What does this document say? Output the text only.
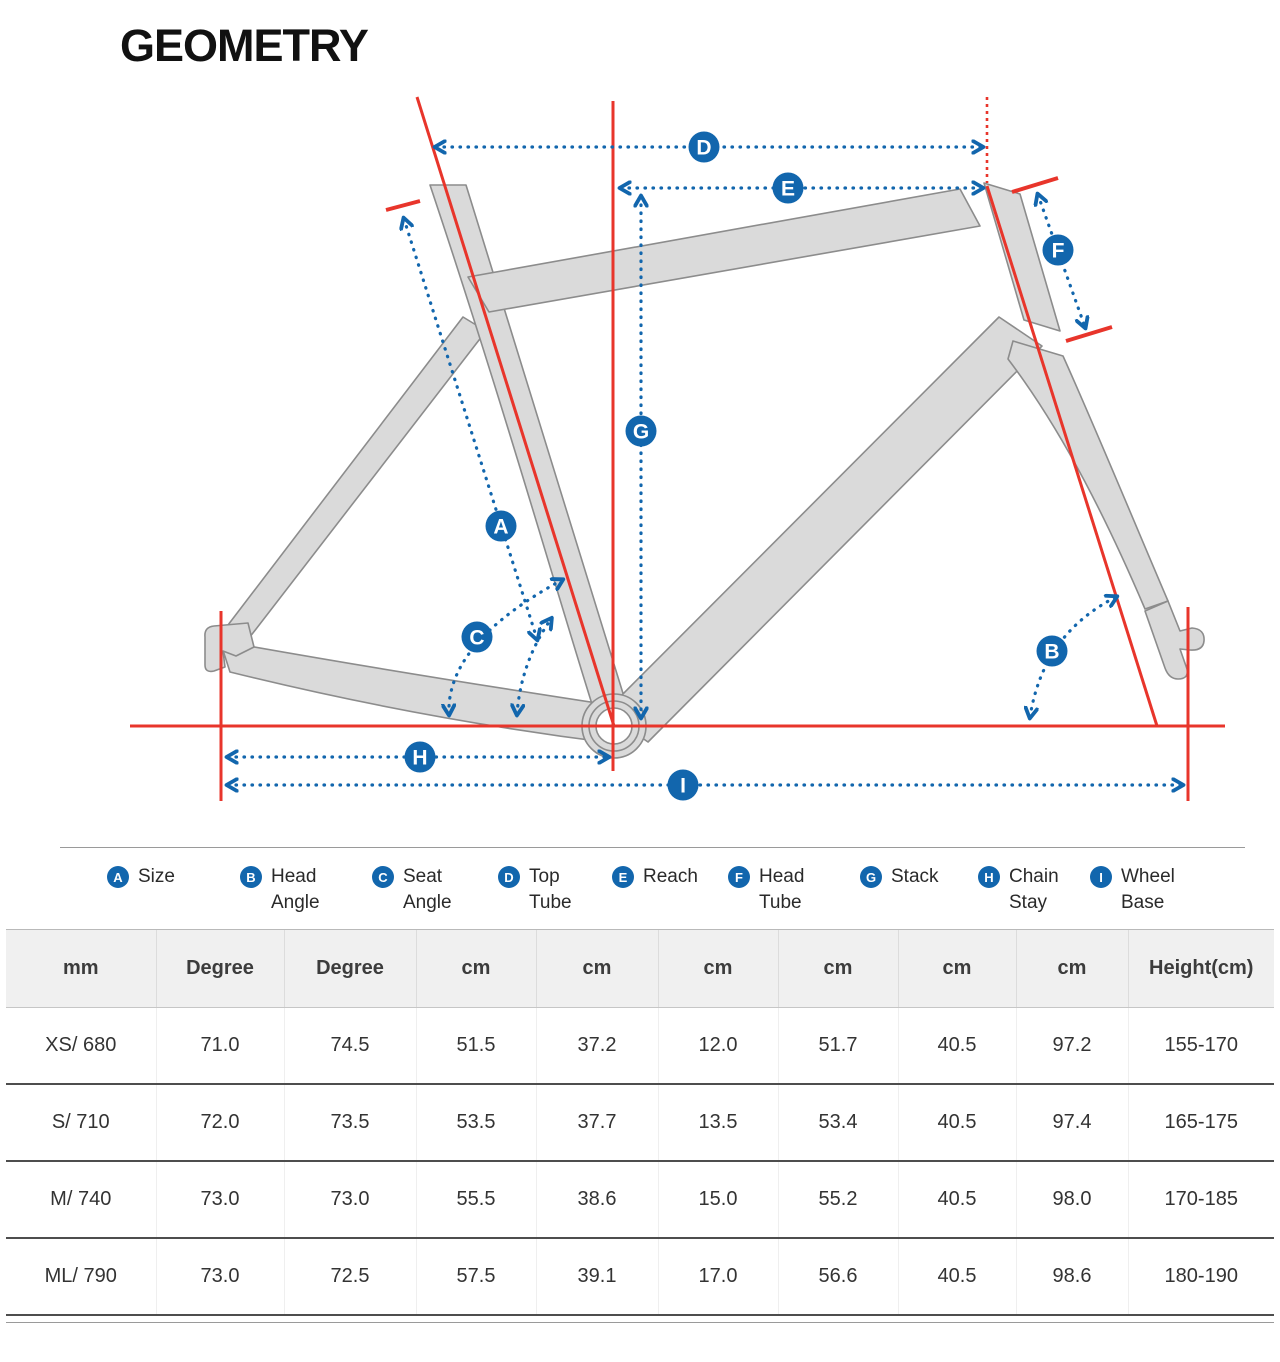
GEOMETRY
A
B
C
D
E
F
G
H
I
A Size	B Head Angle
C Seat Angle
D Top Tube
E Reach	F Head Tube
G Stack	H Chain Stay
I Wheel Base
mm	Degree	Degree	cm	cm	cm	cm	cm	cm	Height(cm)
XS/ 680	71.0	74.5	51.5	37.2	12.0	51.7	40.5	97.2	155-170
S/ 710	72.0	73.5	53.5	37.7	13.5	53.4	40.5	97.4	165-175
M/ 740	73.0	73.0	55.5	38.6	15.0	55.2	40.5	98.0	170-185
ML/ 790	73.0	72.5	57.5	39.1	17.0	56.6	40.5	98.6	180-190
